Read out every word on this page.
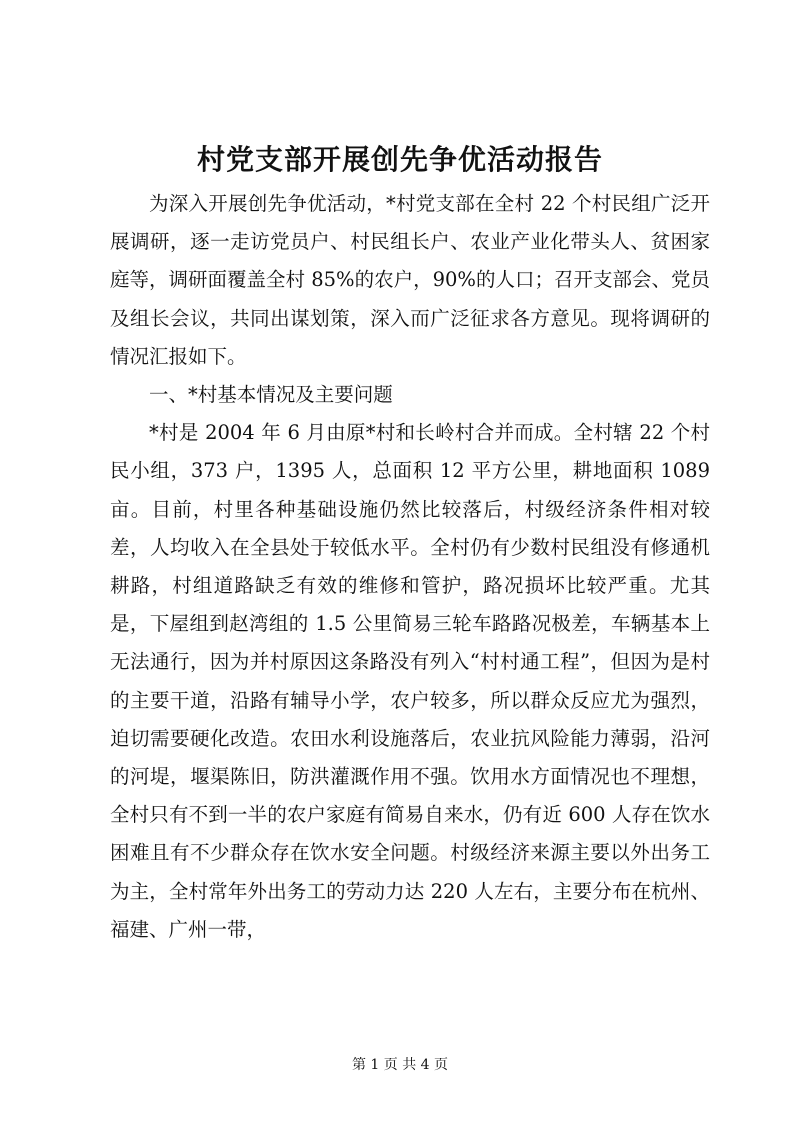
村党支部开展创先争优活动报告

为深入开展创先争优活动，*村党支部在全村 22 个村民组广泛开展调研，逐一走访党员户、村民组长户、农业产业化带头人、贫困家庭等，调研面覆盖全村 85%的农户，90%的人口；召开支部会、党员及组长会议，共同出谋划策，深入而广泛征求各方意见。现将调研的情况汇报如下。

一、*村基本情况及主要问题

*村是 2004 年 6 月由原*村和长岭村合并而成。全村辖 22 个村民小组，373 户，1395 人，总面积 12 平方公里，耕地面积 1089 亩。目前，村里各种基础设施仍然比较落后，村级经济条件相对较差，人均收入在全县处于较低水平。全村仍有少数村民组没有修通机耕路，村组道路缺乏有效的维修和管护，路况损坏比较严重。尤其是，下屋组到赵湾组的 1.5 公里简易三轮车路路况极差，车辆基本上无法通行，因为并村原因这条路没有列入“村村通工程”，但因为是村的主要干道，沿路有辅导小学，农户较多，所以群众反应尤为强烈，迫切需要硬化改造。农田水利设施落后，农业抗风险能力薄弱，沿河的河堤，堰渠陈旧，防洪灌溉作用不强。饮用水方面情况也不理想，全村只有不到一半的农户家庭有简易自来水，仍有近 600 人存在饮水困难且有不少群众存在饮水安全问题。村级经济来源主要以外出务工为主，全村常年外出务工的劳动力达 220 人左右，主要分布在杭州、福建、广州一带，

第 1 页 共 4 页
